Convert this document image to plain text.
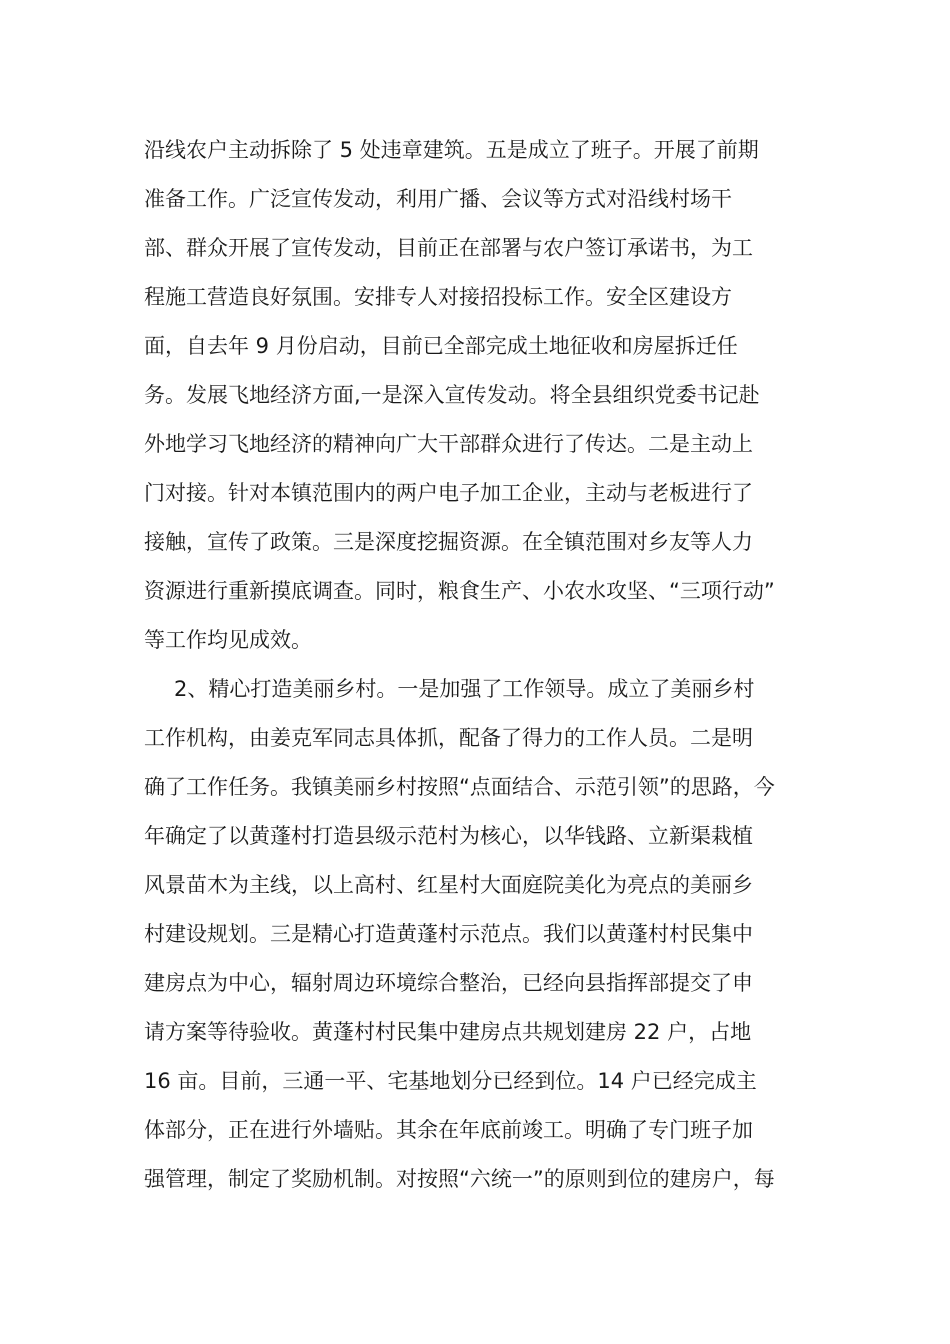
沿线农户主动拆除了 5 处违章建筑。五是成立了班子。开展了前期
准备工作。广泛宣传发动，利用广播、会议等方式对沿线村场干
部、群众开展了宣传发动，目前正在部署与农户签订承诺书，为工
程施工营造良好氛围。安排专人对接招投标工作。安全区建设方
面，自去年 9 月份启动，目前已全部完成土地征收和房屋拆迁任
务。发展飞地经济方面,一是深入宣传发动。将全县组织党委书记赴
外地学习飞地经济的精神向广大干部群众进行了传达。二是主动上
门对接。针对本镇范围内的两户电子加工企业，主动与老板进行了
接触，宣传了政策。三是深度挖掘资源。在全镇范围对乡友等人力
资源进行重新摸底调查。同时，粮食生产、小农水攻坚、“三项行动”
等工作均见成效。
2、精心打造美丽乡村。一是加强了工作领导。成立了美丽乡村
工作机构，由姜克军同志具体抓，配备了得力的工作人员。二是明
确了工作任务。我镇美丽乡村按照“点面结合、示范引领”的思路，今
年确定了以黄蓬村打造县级示范村为核心，以华钱路、立新渠栽植
风景苗木为主线，以上高村、红星村大面庭院美化为亮点的美丽乡
村建设规划。三是精心打造黄蓬村示范点。我们以黄蓬村村民集中
建房点为中心，辐射周边环境综合整治，已经向县指挥部提交了申
请方案等待验收。黄蓬村村民集中建房点共规划建房 22 户，占地
16 亩。目前，三通一平、宅基地划分已经到位。14 户已经完成主
体部分，正在进行外墙贴。其余在年底前竣工。明确了专门班子加
强管理，制定了奖励机制。对按照“六统一”的原则到位的建房户，每
